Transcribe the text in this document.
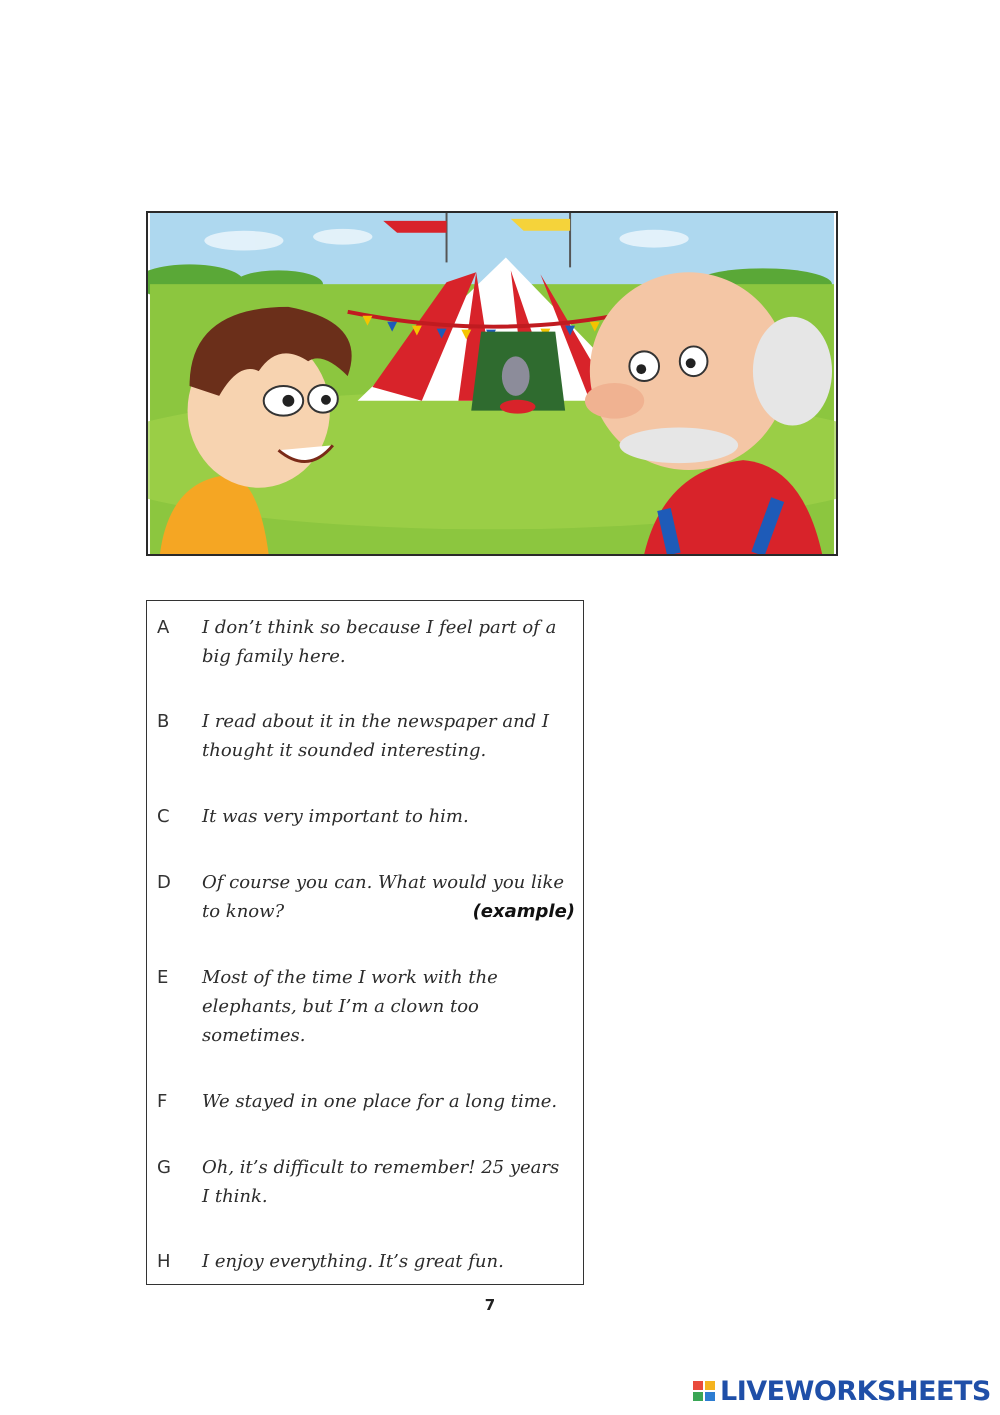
A	I don’t think so because I feel part of a big family here.
B	I read about it in the newspaper and I thought it sounded interesting.
C	It was very important to him.
D	Of course you can. What would you like to know?	(example)
E	Most of the time I work with the elephants, but I’m a clown too sometimes.
F	We stayed in one place for a long time.
G	Oh, it’s difficult to remember! 25 years I think.
H	I enjoy everything. It’s great fun.
7
LIVEWORKSHEETS
